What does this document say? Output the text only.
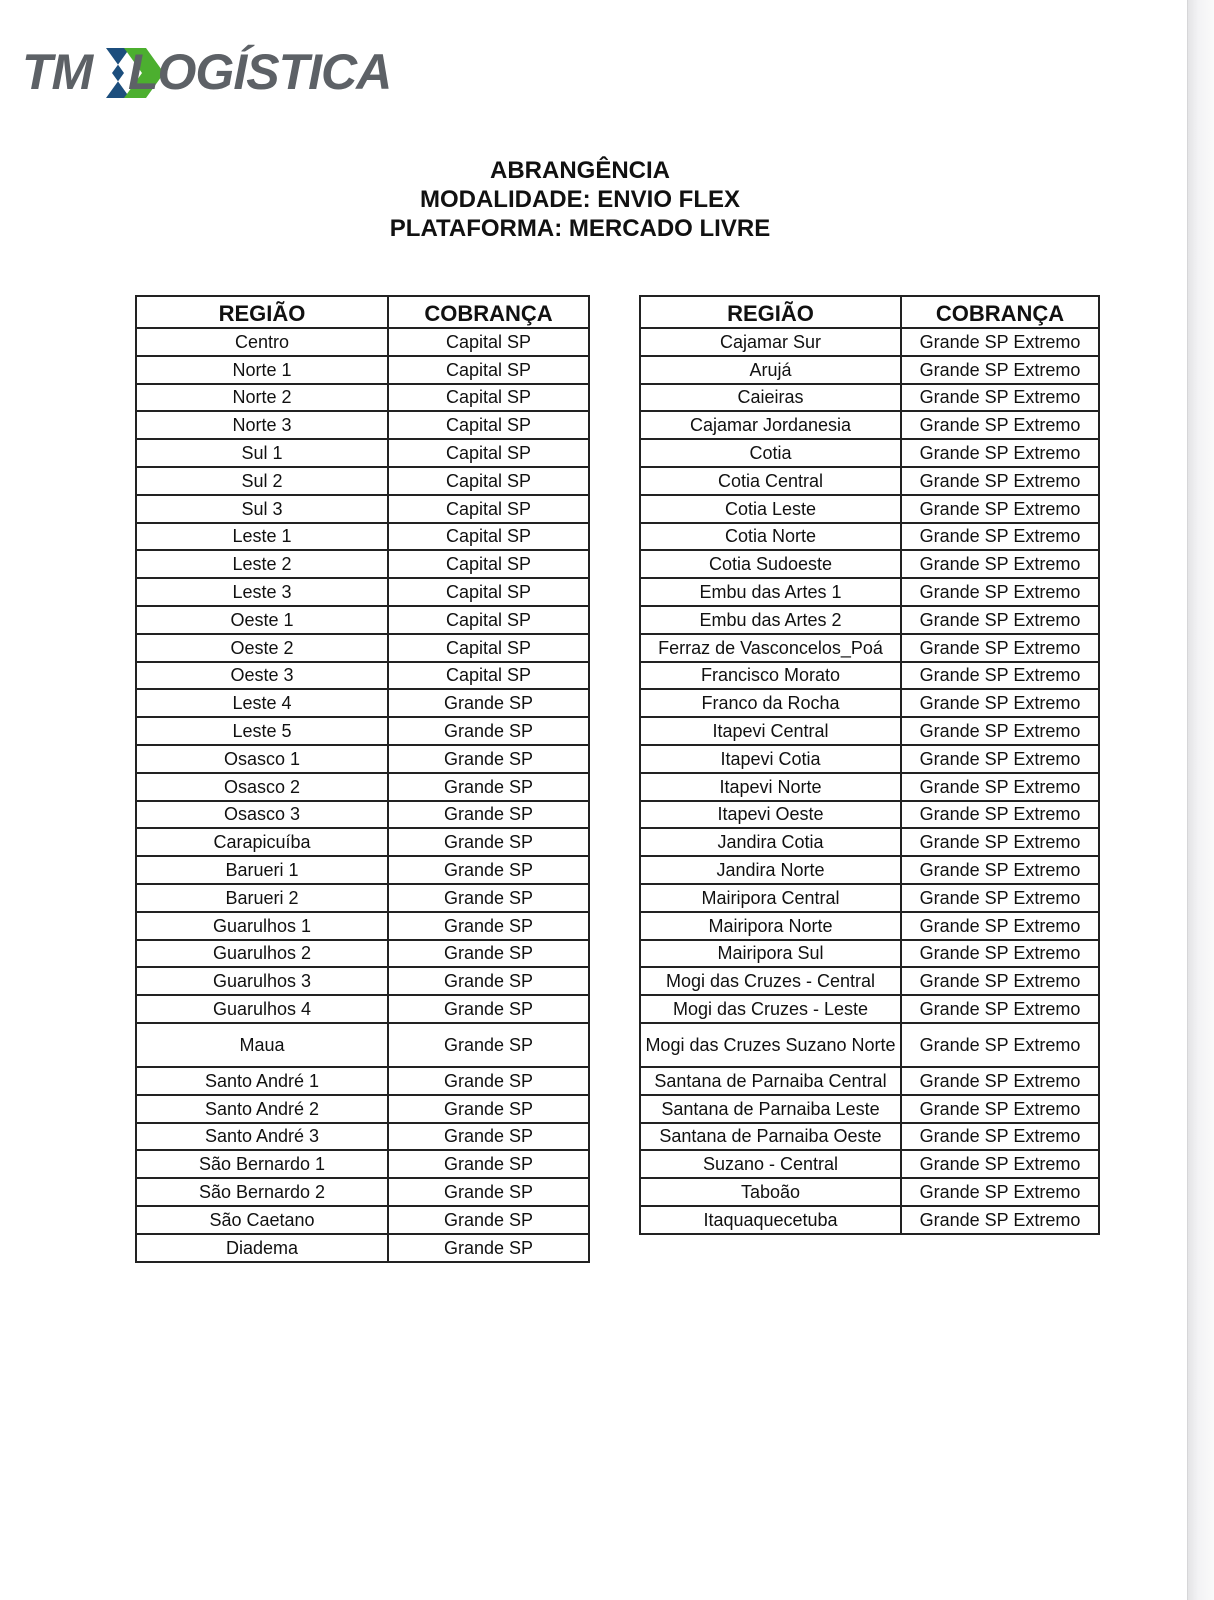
TM LOGÍSTICA
ABRANGÊNCIA
MODALIDADE: ENVIO FLEX
PLATAFORMA: MERCADO LIVRE
REGIÃO	COBRANÇA
Centro	Capital SP
Norte 1	Capital SP
Norte 2	Capital SP
Norte 3	Capital SP
Sul 1	Capital SP
Sul 2	Capital SP
Sul 3	Capital SP
Leste 1	Capital SP
Leste 2	Capital SP
Leste 3	Capital SP
Oeste 1	Capital SP
Oeste 2	Capital SP
Oeste 3	Capital SP
Leste 4	Grande SP
Leste 5	Grande SP
Osasco 1	Grande SP
Osasco 2	Grande SP
Osasco 3	Grande SP
Carapicuíba	Grande SP
Barueri 1	Grande SP
Barueri 2	Grande SP
Guarulhos 1	Grande SP
Guarulhos 2	Grande SP
Guarulhos 3	Grande SP
Guarulhos 4	Grande SP
Maua	Grande SP
Santo André 1	Grande SP
Santo André 2	Grande SP
Santo André 3	Grande SP
São Bernardo 1	Grande SP
São Bernardo 2	Grande SP
São Caetano	Grande SP
Diadema	Grande SP
REGIÃO	COBRANÇA
Cajamar Sur	Grande SP Extremo
Arujá	Grande SP Extremo
Caieiras	Grande SP Extremo
Cajamar Jordanesia	Grande SP Extremo
Cotia	Grande SP Extremo
Cotia Central	Grande SP Extremo
Cotia Leste	Grande SP Extremo
Cotia Norte	Grande SP Extremo
Cotia Sudoeste	Grande SP Extremo
Embu das Artes 1	Grande SP Extremo
Embu das Artes 2	Grande SP Extremo
Ferraz de Vasconcelos_Poá	Grande SP Extremo
Francisco Morato	Grande SP Extremo
Franco da Rocha	Grande SP Extremo
Itapevi Central	Grande SP Extremo
Itapevi Cotia	Grande SP Extremo
Itapevi Norte	Grande SP Extremo
Itapevi Oeste	Grande SP Extremo
Jandira Cotia	Grande SP Extremo
Jandira Norte	Grande SP Extremo
Mairipora Central	Grande SP Extremo
Mairipora Norte	Grande SP Extremo
Mairipora Sul	Grande SP Extremo
Mogi das Cruzes - Central	Grande SP Extremo
Mogi das Cruzes - Leste	Grande SP Extremo
Mogi das Cruzes Suzano Norte	Grande SP Extremo
Santana de Parnaiba Central	Grande SP Extremo
Santana de Parnaiba Leste	Grande SP Extremo
Santana de Parnaiba Oeste	Grande SP Extremo
Suzano - Central	Grande SP Extremo
Taboão	Grande SP Extremo
Itaquaquecetuba	Grande SP Extremo
